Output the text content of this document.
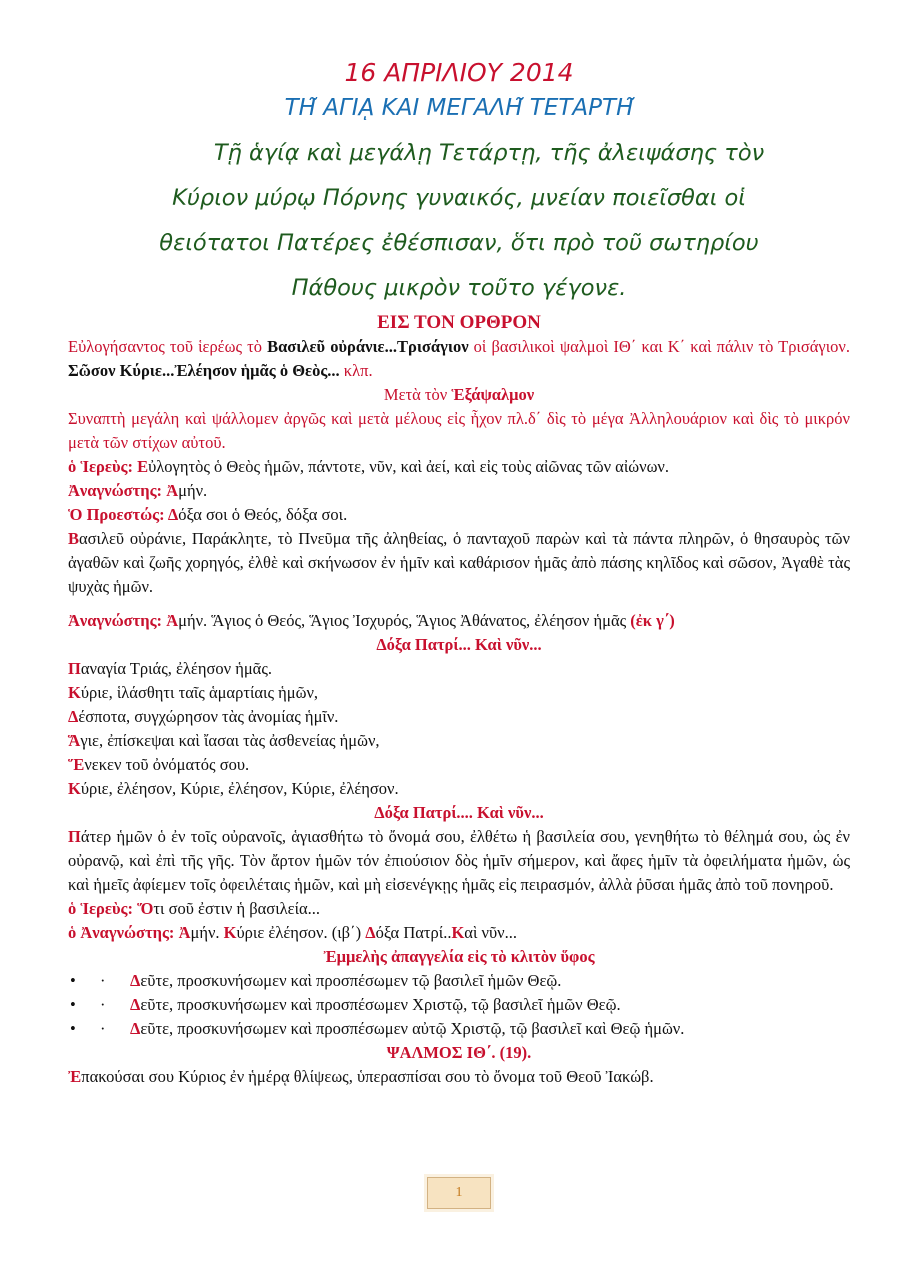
16 ΑΠΡΙΛΙΟΥ 2014

ΤΗ͂ ΑΓΙᾼ ΚΑΙ ΜΕΓΑΛΗ͂ ΤΕΤΑΡΤΗ͂

Τῇ ἁγίᾳ καὶ μεγάλῃ Τετάρτῃ, τῆς ἀλειψάσης τὸν
Κύριον μύρῳ Πόρνης γυναικός, μνείαν ποιεῖσθαι οἱ
θειότατοι Πατέρες ἐθέσπισαν, ὅτι πρὸ τοῦ σωτηρίου
Πάθους μικρὸν τοῦτο γέγονε.

ΕΙΣ ΤΟΝ ΟΡΘΡΟΝ

Εὐλογήσαντος τοῦ ἱερέως τὸ Βασιλεῦ οὐράνιε...Τρισάγιον οἱ βασιλικοὶ ψαλμοὶ ΙΘ΄ και Κ΄ καὶ πάλιν τὸ Τρισάγιον. Σῶσον Κύριε...Ἐλέησον ἡμᾶς ὁ Θεὸς... κλπ.

Μετὰ τὸν Ἑξάψαλμον

Συναπτὴ μεγάλη καὶ ψάλλομεν ἀργῶς καὶ μετὰ μέλους εἰς ἦχον πλ.δ΄ δὶς τὸ μέγα Ἀλληλουάριον καὶ δὶς τὸ μικρόν μετὰ τῶν στίχων αὐτοῦ.

ὁ Ἱερεὺς: Εὐλογητὸς ὁ Θεὸς ἡμῶν, πάντοτε, νῦν, καὶ ἀεί, καὶ εἰς τοὺς αἰῶνας τῶν αἰώνων.

Ἀναγνώστης: Ἀμήν.

Ὁ Προεστώς: Δόξα σοι ὁ Θεός, δόξα σοι.

Βασιλεῦ οὐράνιε, Παράκλητε, τὸ Πνεῦμα τῆς ἀληθείας, ὁ πανταχοῦ παρὼν καὶ τὰ πάντα πληρῶν, ὁ θησαυρὸς τῶν ἀγαθῶν καὶ ζωῆς χορηγός, ἐλθὲ καὶ σκήνωσον ἐν ἡμῖν καὶ καθάρισον ἡμᾶς ἀπὸ πάσης κηλῖδος καὶ σῶσον, Ἀγαθὲ τὰς ψυχὰς ἡμῶν.

Ἀναγνώστης: Ἀμήν. Ἅγιος ὁ Θεός, Ἅγιος Ἰσχυρός, Ἅγιος Ἀθάνατος, ἐλέησον ἡμᾶς (ἐκ γ΄)

Δόξα Πατρί... Καὶ νῦν...

Παναγία Τριάς, ἐλέησον ἡμᾶς.

Κύριε, ἱλάσθητι ταῖς ἁμαρτίαις ἡμῶν,

Δέσποτα, συγχώρησον τὰς ἀνομίας ἡμῖν.

Ἅγιε, ἐπίσκεψαι καὶ ἴασαι τὰς ἀσθενείας ἡμῶν,

Ἕνεκεν τοῦ ὀνόματός σου.

Κύριε, ἐλέησον, Κύριε, ἐλέησον, Κύριε, ἐλέησον.

Δόξα Πατρί.... Καὶ νῦν...

Πάτερ ἡμῶν ὁ ἐν τοῖς οὐρανοῖς, ἁγιασθήτω τὸ ὄνομά σου, ἐλθέτω ἡ βασιλεία σου, γενηθήτω τὸ θέλημά σου, ὡς ἐν οὐρανῷ, καὶ ἐπὶ τῆς γῆς. Τὸν ἄρτον ἡμῶν τόν ἐπιούσιον δὸς ἡμῖν σήμερον, καὶ ἄφες ἡμῖν τὰ ὀφειλήματα ἡμῶν, ὡς καὶ ἡμεῖς ἀφίεμεν τοῖς ὀφειλέταις ἡμῶν, καὶ μὴ εἰσενέγκῃς ἡμᾶς εἰς πειρασμόν, ἀλλὰ ῥῦσαι ἡμᾶς ἀπὸ τοῦ πονηροῦ.

ὁ Ἱερεὺς: Ὅτι σοῦ ἐστιν ἡ βασιλεία...

ὁ Ἀναγνώστης: Ἀμήν. Κύριε ἐλέησον. (ιβ΄) Δόξα Πατρί..Καὶ νῦν...

Ἐμμελὴς ἀπαγγελία εἰς τὸ κλιτὸν ὕφος

• · Δεῦτε, προσκυνήσωμεν καὶ προσπέσωμεν τῷ βασιλεῖ ἡμῶν Θεῷ.
• · Δεῦτε, προσκυνήσωμεν καὶ προσπέσωμεν Χριστῷ, τῷ βασιλεῖ ἡμῶν Θεῷ.
• · Δεῦτε, προσκυνήσωμεν καὶ προσπέσωμεν αὐτῷ Χριστῷ, τῷ βασιλεῖ καὶ Θεῷ ἡμῶν.

ΨΑΛΜΟΣ ΙΘ΄. (19).

Ἐπακούσαι σου Κύριος ἐν ἡμέρᾳ θλίψεως, ὑπερασπίσαι σου τὸ ὄνομα τοῦ Θεοῦ Ἰακώβ.

1
